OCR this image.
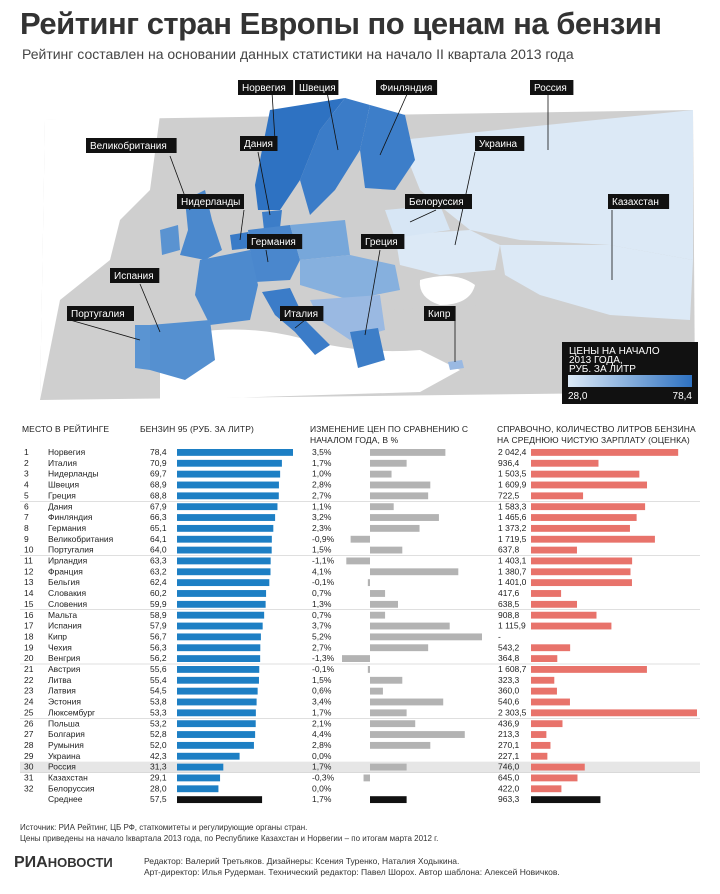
Рейтинг стран Европы по ценам на бензин
Рейтинг составлен на основании данных статистики на начало II квартала 2013 года
ЦЕНЫ НА НАЧАЛО 2013 ГОДА, РУБ. ЗА ЛИТР
28,0	78,4
Норвегия Швеция	Финляндия	Россия
Великобритания	Дания	Украина
Нидерланды	Белоруссия	Казахстан
Германия	Греция
Испания
Португалия	Италия	Кипр
МЕСТО В РЕЙТИНГЕ	БЕНЗИН 95 (РУБ. ЗА ЛИТР)	ИЗМЕНЕНИЕ ЦЕН ПО СРАВНЕНИЮ С НАЧАЛОМ ГОДА, В %
СПРАВОЧНО, КОЛИЧЕСТВО ЛИТРОВ БЕНЗИНА НА СРЕДНЮЮ ЧИСТУЮ ЗАРПЛАТУ (ОЦЕНКА)
1 Норвегия	78,4	3,5%	2 042,4
2 Италия	70,9	1,7%	936,4
3 Нидерланды	69,7	1,0%	1 503,5
4 Швеция	68,9	2,8%	1 609,9
5 Греция	68,8	2,7%	722,5
6 Дания	67,9	1,1%	1 583,3
7 Финляндия	66,3	3,2%	1 465,6
8 Германия	65,1	2,3%	1 373,2
9 Великобритания	64,1	-0,9%	1 719,5
10 Португалия	64,0	1,5%	637,8
11 Ирландия	63,3	-1,1%	1 403,1
12 Франция	63,2	4,1%	1 380,7
13 Бельгия	62,4	-0,1%	1 401,0
14 Словакия	60,2	0,7%	417,6
15 Словения	59,9	1,3%	638,5
16 Мальта	58,9	0,7%	908,8
17 Испания	57,9	3,7%	1 115,9
18 Кипр	56,7	5,2%	-
19 Чехия	56,3	2,7%	543,2
20 Венгрия	56,2	-1,3%	364,8
21 Австрия	55,6	-0,1%	1 608,7
22 Литва	55,4	1,5%	323,3
23 Латвия	54,5	0,6%	360,0
24 Эстония	53,8	3,4%	540,6
25 Люксембург	53,3	1,7%	2 303,5
26 Польша	53,2	2,1%	436,9
27 Болгария	52,8	4,4%	213,3
28 Румыния	52,0	2,8%	270,1
29 Украина	42,3	0,0%	227,1
30 Россия	31,3	1,7%	746,0
31 Казахстан	29,1	-0,3%	645,0
32 Белоруссия	28,0	0,0%	422,0
Среднее	57,5	1,7%	963,3
Источник: РИА Рейтинг, ЦБ РФ, статкомитеты и регулирующие органы стран.
Цены приведены на начало Iквартала 2013 года, по Республике Казахстан и Норвегии – по итогам марта 2012 г.
РИАНОВОСТИ	Редактор: Валерий Третьяков. Дизайнеры: Ксения Туренко, Наталия Ходыкина.
Арт-директор: Илья Рудерман. Технический редактор: Павел Шорох. Автор шаблона: Алексей Новичков.
